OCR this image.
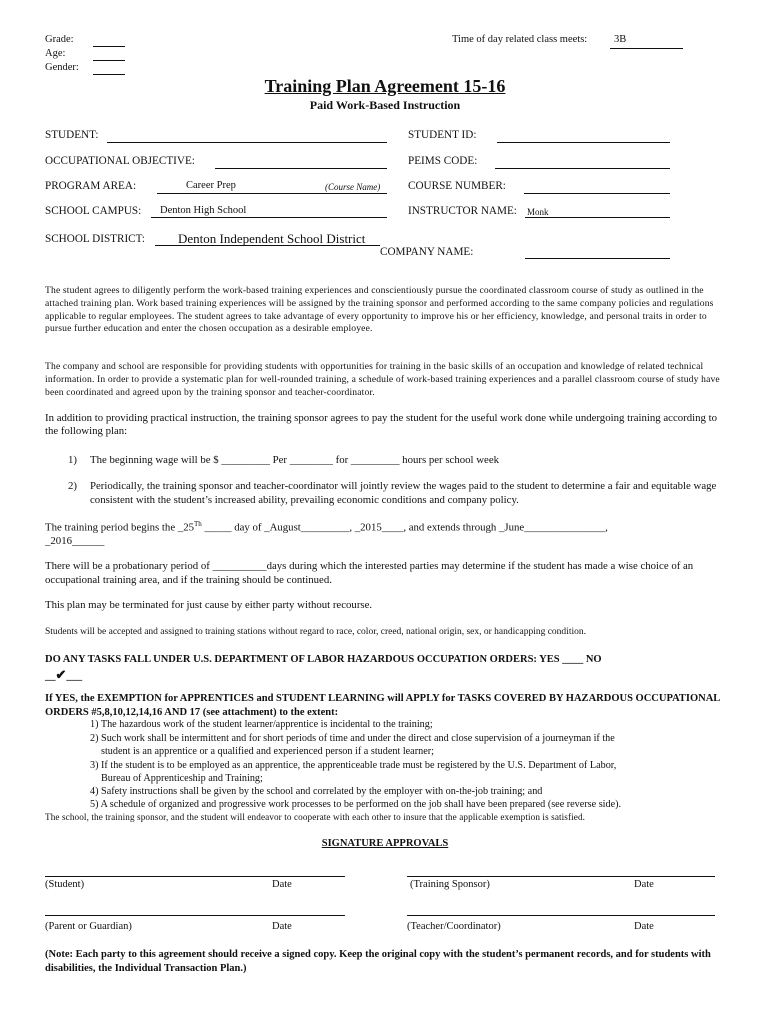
Grade:
Age:
Gender:
Time of day related class meets:	3B
Training Plan Agreement 15-16
Paid Work-Based Instruction
STUDENT:	STUDENT ID:
OCCUPATIONAL OBJECTIVE:	PEIMS CODE:
PROGRAM AREA:	Career Prep	(Course Name) COURSE NUMBER:
SCHOOL CAMPUS: Denton High School	INSTRUCTOR NAME: Monk
SCHOOL DISTRICT:	Denton Independent School District
COMPANY NAME:
The student agrees to diligently perform the work-based training experiences and conscientiously pursue the coordinated classroom course of study as outlined in the attached training plan. Work based training experiences will be assigned by the training sponsor and performed according to the same company policies and regulations applicable to regular employees. The student agrees to take advantage of every opportunity to improve his or her efficiency, knowledge, and personal traits in order to pursue further education and enter the chosen occupation as a desirable employee.
The company and school are responsible for providing students with opportunities for training in the basic skills of an occupation and knowledge of related technical information. In order to provide a systematic plan for well-rounded training, a schedule of work-based training experiences and a parallel classroom course of study have been coordinated and agreed upon by the training sponsor and teacher-coordinator.
In addition to providing practical instruction, the training sponsor agrees to pay the student for the useful work done while undergoing training according to the following plan:
1) The beginning wage will be $ _________ Per ________ for _________ hours per school week
2) Periodically, the training sponsor and teacher-coordinator will jointly review the wages paid to the student to determine a fair and equitable wage consistent with the student’s increased ability, prevailing economic conditions and company policy.
The training period begins the _25Th _____ day of _August_________, _2015____, and extends through _June_______________,
_2016______
There will be a probationary period of __________days during which the interested parties may determine if the student has made a wise choice of an occupational training area, and if the training should be continued.
This plan may be terminated for just cause by either party without recourse.
Students will be accepted and assigned to training stations without regard to race, color, creed, national origin, sex, or handicapping condition.
DO ANY TASKS FALL UNDER U.S. DEPARTMENT OF LABOR HAZARDOUS OCCUPATION ORDERS: YES ____ NO
__✔___
If YES, the EXEMPTION for APPRENTICES and STUDENT LEARNING will APPLY for TASKS COVERED BY HAZARDOUS OCCUPATIONAL ORDERS #5,8,10,12,14,16 AND 17 (see attachment) to the extent:
1) The hazardous work of the student learner/apprentice is incidental to the training;
2) Such work shall be intermittent and for short periods of time and under the direct and close supervision of a journeyman if the
student is an apprentice or a qualified and experienced person if a student learner;
3) If the student is to be employed as an apprentice, the apprenticeable trade must be registered by the U.S. Department of Labor,
Bureau of Apprenticeship and Training;
4) Safety instructions shall be given by the school and correlated by the employer with on-the-job training; and
5) A schedule of organized and progressive work processes to be performed on the job shall have been prepared (see reverse side).
The school, the training sponsor, and the student will endeavor to cooperate with each other to insure that the applicable exemption is satisfied.
SIGNATURE APPROVALS
(Student)	Date	(Training Sponsor)	Date
(Parent or Guardian)	Date	(Teacher/Coordinator)	Date
(Note: Each party to this agreement should receive a signed copy. Keep the original copy with the student’s permanent records, and for students with disabilities, the Individual Transaction Plan.)
